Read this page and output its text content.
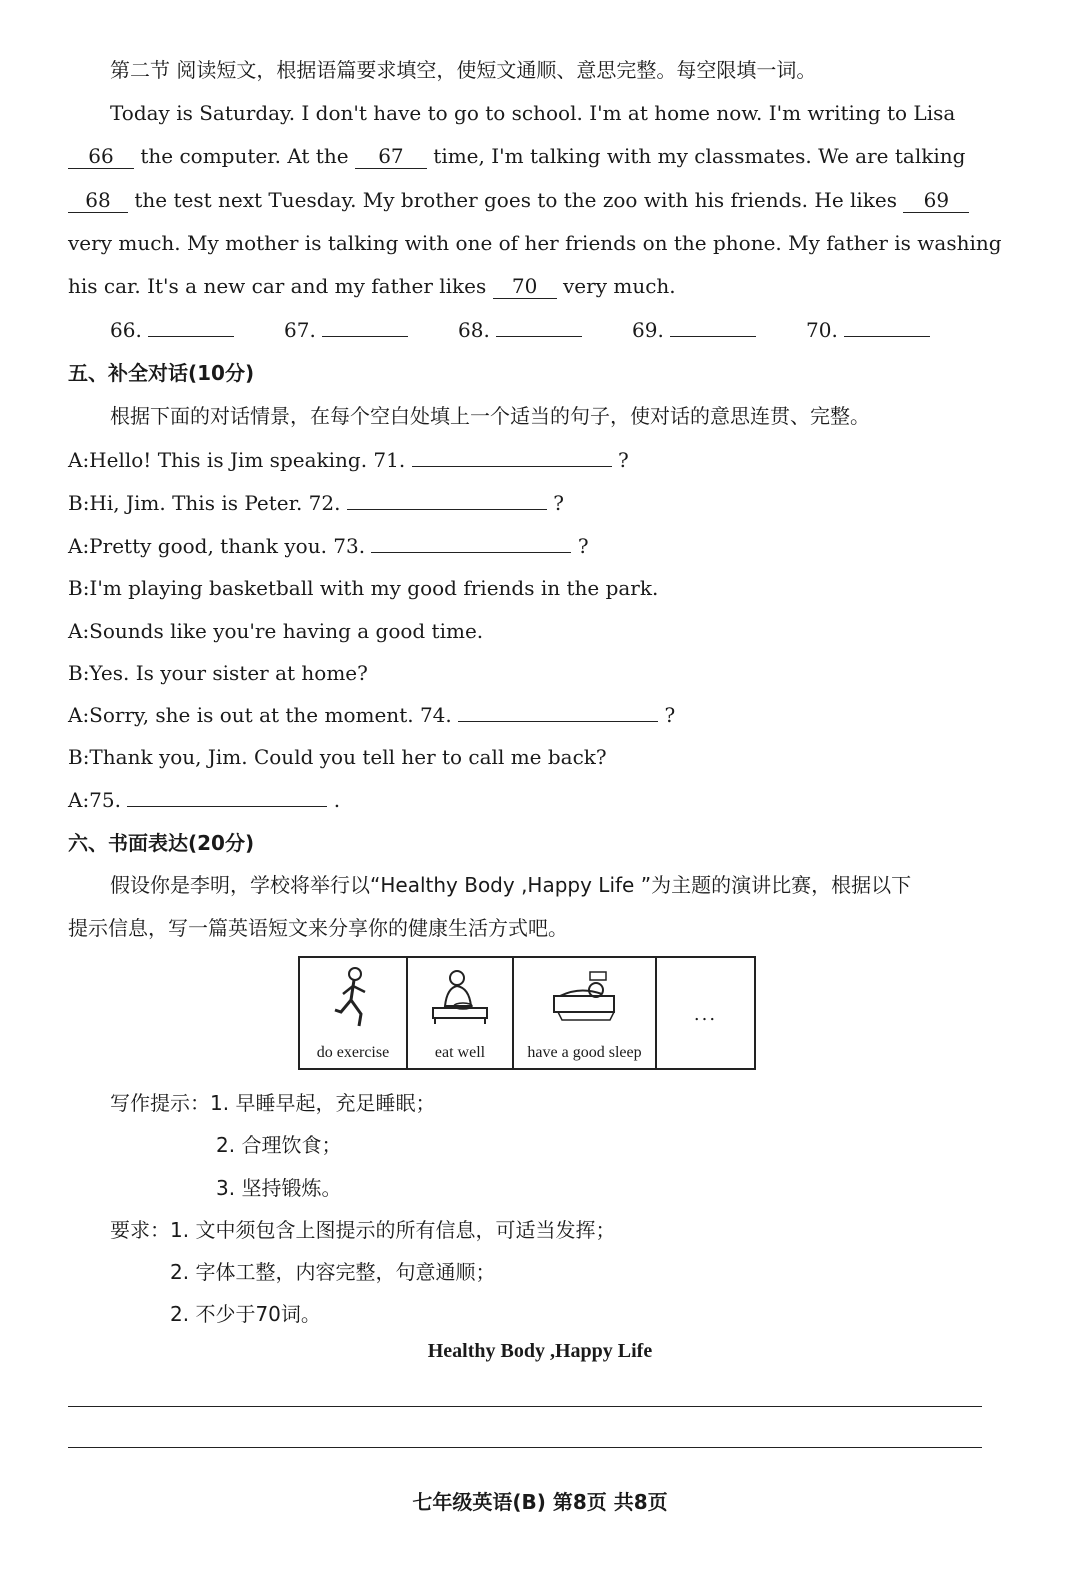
第二节 阅读短文，根据语篇要求填空，使短文通顺、意思完整。每空限填一词。
Today is Saturday. I don't have to go to school. I'm at home now. I'm writing to Lisa
66 the computer. At the 67 time, I'm talking with my classmates. We are talking
68 the test next Tuesday. My brother goes to the zoo with his friends. He likes 69
very much. My mother is talking with one of her friends on the phone. My father is washing
his car. It's a new car and my father likes 70 very much.
66.	67.	68.	69.	70.
五、补全对话(10分)
根据下面的对话情景，在每个空白处填上一个适当的句子，使对话的意思连贯、完整。
A:Hello! This is Jim speaking. 71.	?
B:Hi, Jim. This is Peter. 72.	?
A:Pretty good, thank you. 73.	?
B:I'm playing basketball with my good friends in the park.
A:Sounds like you're having a good time.
B:Yes. Is your sister at home?
A:Sorry, she is out at the moment. 74.	?
B:Thank you, Jim. Could you tell her to call me back?
A:75.	.
六、书面表达(20分)
假设你是李明，学校将举行以“Healthy Body ,Happy Life ”为主题的演讲比赛，根据以下
提示信息，写一篇英语短文来分享你的健康生活方式吧。
do exercise	eat well	have a good sleep
...
写作提示：1. 早睡早起，充足睡眠；
2. 合理饮食；
3. 坚持锻炼。
要求：1. 文中须包含上图提示的所有信息，可适当发挥；
2. 字体工整，内容完整，句意通顺；
2. 不少于70词。
Healthy Body ,Happy Life
七年级英语(B) 第8页 共8页
